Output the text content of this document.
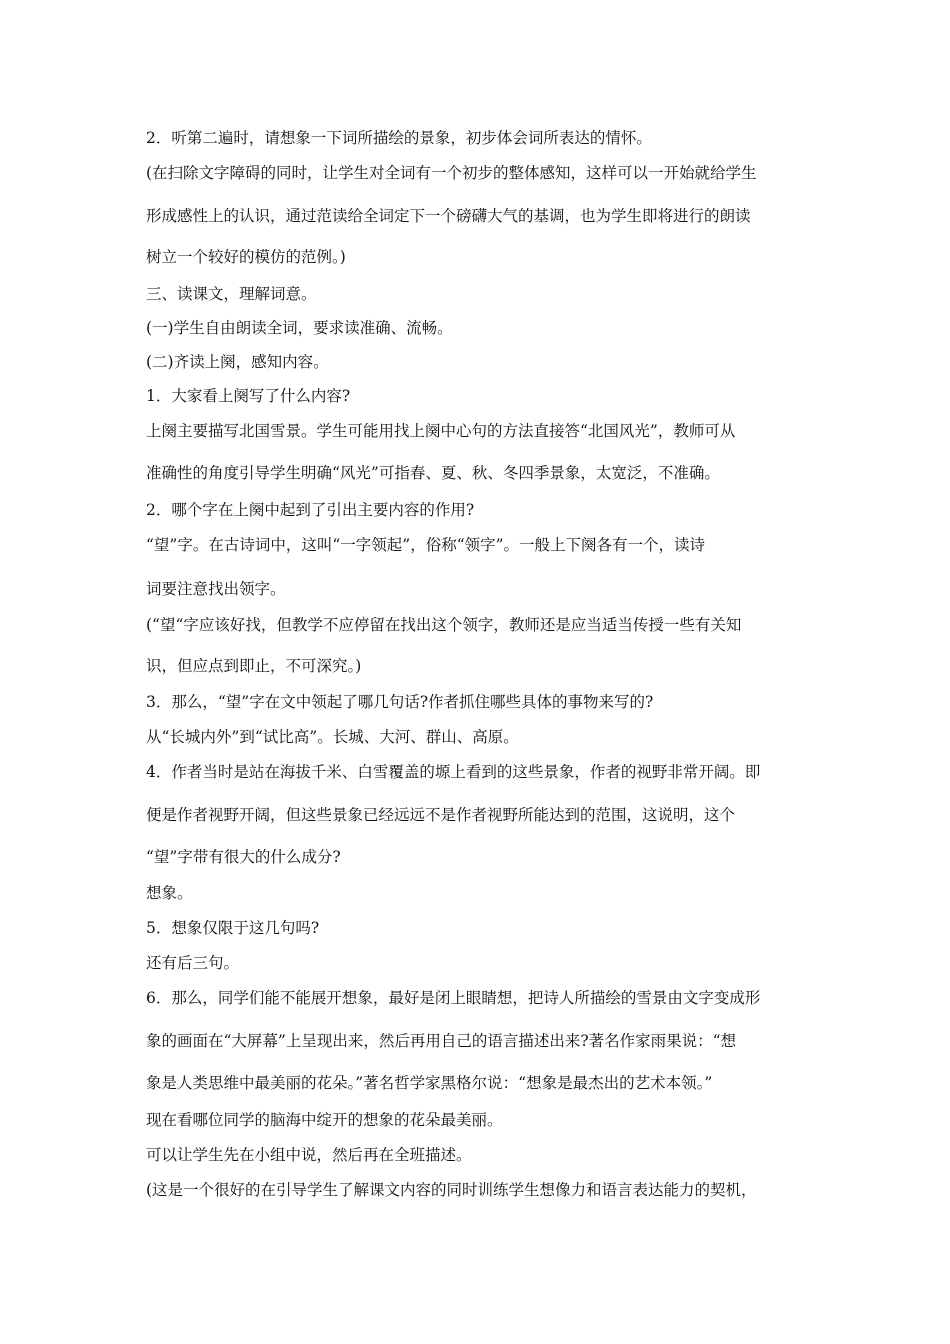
2．听第二遍时，请想象一下词所描绘的景象，初步体会词所表达的情怀。
(在扫除文字障碍的同时，让学生对全词有一个初步的整体感知，这样可以一开始就给学生
形成感性上的认识，通过范读给全词定下一个磅礴大气的基调，也为学生即将进行的朗读
树立一个较好的模仿的范例。)
三、读课文，理解词意。
(一)学生自由朗读全词，要求读准确、流畅。
(二)齐读上阕，感知内容。
1．大家看上阕写了什么内容?
上阕主要描写北国雪景。学生可能用找上阕中心句的方法直接答“北国风光”，教师可从
准确性的角度引导学生明确“风光”可指春、夏、秋、冬四季景象，太宽泛，不准确。
2．哪个字在上阕中起到了引出主要内容的作用?
“望”字。在古诗词中，这叫“一字领起”，俗称“领字”。一般上下阕各有一个，读诗
词要注意找出领字。
(“望“字应该好找，但教学不应停留在找出这个领字，教师还是应当适当传授一些有关知
识，但应点到即止，不可深究。)
3．那么，“望”字在文中领起了哪几句话?作者抓住哪些具体的事物来写的?
从“长城内外”到“试比高”。长城、大河、群山、高原。
4．作者当时是站在海拔千米、白雪覆盖的塬上看到的这些景象，作者的视野非常开阔。即
便是作者视野开阔，但这些景象已经远远不是作者视野所能达到的范围，这说明，这个
“望”字带有很大的什么成分?
想象。
5．想象仅限于这几句吗?
还有后三句。
6．那么，同学们能不能展开想象，最好是闭上眼睛想，把诗人所描绘的雪景由文字变成形
象的画面在“大屏幕”上呈现出来，然后再用自己的语言描述出来?著名作家雨果说：“想
象是人类思维中最美丽的花朵。”著名哲学家黑格尔说：“想象是最杰出的艺术本领。”
现在看哪位同学的脑海中绽开的想象的花朵最美丽。
可以让学生先在小组中说，然后再在全班描述。
(这是一个很好的在引导学生了解课文内容的同时训练学生想像力和语言表达能力的契机，
